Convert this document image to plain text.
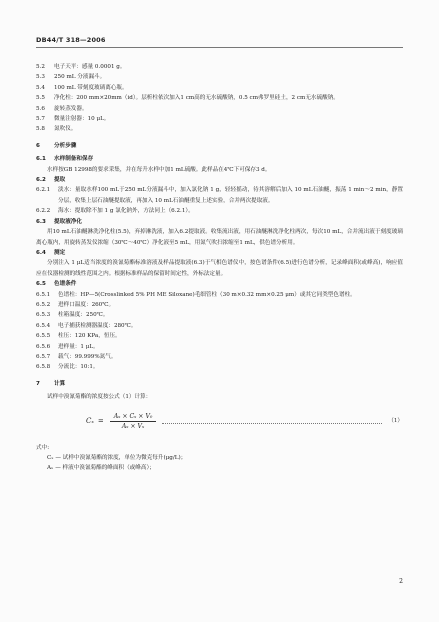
DB44/T 318—2006
5.2	电子天平：感量 0.0001 g。
5.3	250 mL 分液漏斗。
5.4	100 mL 带刻度玻璃离心瓶。
5.5	净化柱：200 mm×20mm（id）。层析柱依次加入1 cm高的无水硫酸钠，0.5 cm弗罗里硅土，2 cm无水硫酸钠。
5.6	旋转蒸发器。
5.7	微量注射器：10 μL。
5.8	氮吹仪。
6	分析步骤
6.1	水样制备和保存
水样按GB 12998的要求采集，并在每升水样中加1 mL硫酸。此样品在4℃下可保存3 d。
6.2	提取
6.2.1	淡水：量取水样100 mL于250 mL分液漏斗中，加入氯化钠 1 g，轻轻摇动，待其溶解后加入 10 mL石油醚，振荡 1 min～2 min，静置分层，收集上层石油醚提取液，再加入 10 mL石油醚重复上述实验，合并两次提取液。
6.2.2	海水：提取除不加 1 g 氯化钠外，方法同上（6.2.1）。
6.3	提取液净化
用10 mL石油醚淋洗净化柱(5.5)，弃掉淋洗液，加入6.2提取液。收集流出液，用石油醚淋洗净化柱两次，每次10 mL，合并流出液于刻度玻璃离心瓶内，用旋转蒸发仪浓缩（30℃～40℃）净化液至5 mL，用氮气吹扫浓缩至1 mL，供色谱分析用。
6.4	测定
分别注入 1 μL适当浓度的溴氰菊酯标准溶液及样品提取液(6.3)于气相色谱仪中，按色谱条件(6.5)进行色谱分析，记录峰面积(或峰高)，响应值应在仪器检测的线性范围之内。根据标准样品的保留时间定性，外标法定量。
6.5	色谱条件
6.5.1	色谱柱：HP—5(Crosslinked 5% PH ME Siloxane)毛细管柱（30 m×0.32 mm×0.25 μm）或其它同类型色谱柱。
6.5.2	进样口温度：260℃。
6.5.3	柱箱温度：250℃。
6.5.4	电子捕获检测器温度：280℃。
6.5.5	柱压：120 KPa，恒压。
6.5.6	进样量：1 μL。
6.5.7	载气：99.999%氮气。
6.5.8	分流比：10:1。
7	计算
试样中溴氰菊酯的浓度按公式（1）计算：
$C_x = \frac{\text{Aₓ × Cₛ × V₀}}{\text{Aₛ × Vₓ}}$	（1）
式中:
Cₓ — 试样中溴氰菊酯的浓度，单位为微克每升(μg/L)；
Aₓ — 样液中溴氰菊酯的峰面积（或峰高）；
2
